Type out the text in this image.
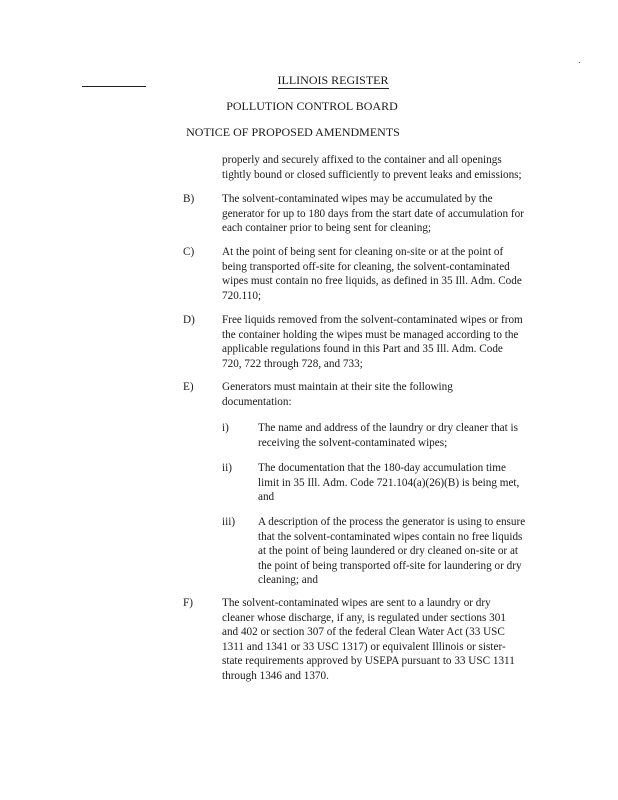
ILLINOIS REGISTER
POLLUTION CONTROL BOARD
NOTICE OF PROPOSED AMENDMENTS
properly and securely affixed to the container and all openings
tightly bound or closed sufficiently to prevent leaks and emissions;
B) The solvent-contaminated wipes may be accumulated by the
generator for up to 180 days from the start date of accumulation for
each container prior to being sent for cleaning;
C) At the point of being sent for cleaning on-site or at the point of
being transported off-site for cleaning, the solvent-contaminated
wipes must contain no free liquids, as defined in 35 Ill. Adm. Code
720.110;
D) Free liquids removed from the solvent-contaminated wipes or from
the container holding the wipes must be managed according to the
applicable regulations found in this Part and 35 Ill. Adm. Code
720, 722 through 728, and 733;
E)	Generators must maintain at their site the following
documentation:
i)	The name and address of the laundry or dry cleaner that is
receiving the solvent-contaminated wipes;
ii) The documentation that the 180-day accumulation time
limit in 35 Ill. Adm. Code 721.104(a)(26)(B) is being met,
and
iii) A description of the process the generator is using to ensure
that the solvent-contaminated wipes contain no free liquids
at the point of being laundered or dry cleaned on-site or at
the point of being transported off-site for laundering or dry
cleaning; and
F)	The solvent-contaminated wipes are sent to a laundry or dry
cleaner whose discharge, if any, is regulated under sections 301
and 402 or section 307 of the federal Clean Water Act (33 USC
1311 and 1341 or 33 USC 1317) or equivalent Illinois or sister-
state requirements approved by USEPA pursuant to 33 USC 1311
through 1346 and 1370.
